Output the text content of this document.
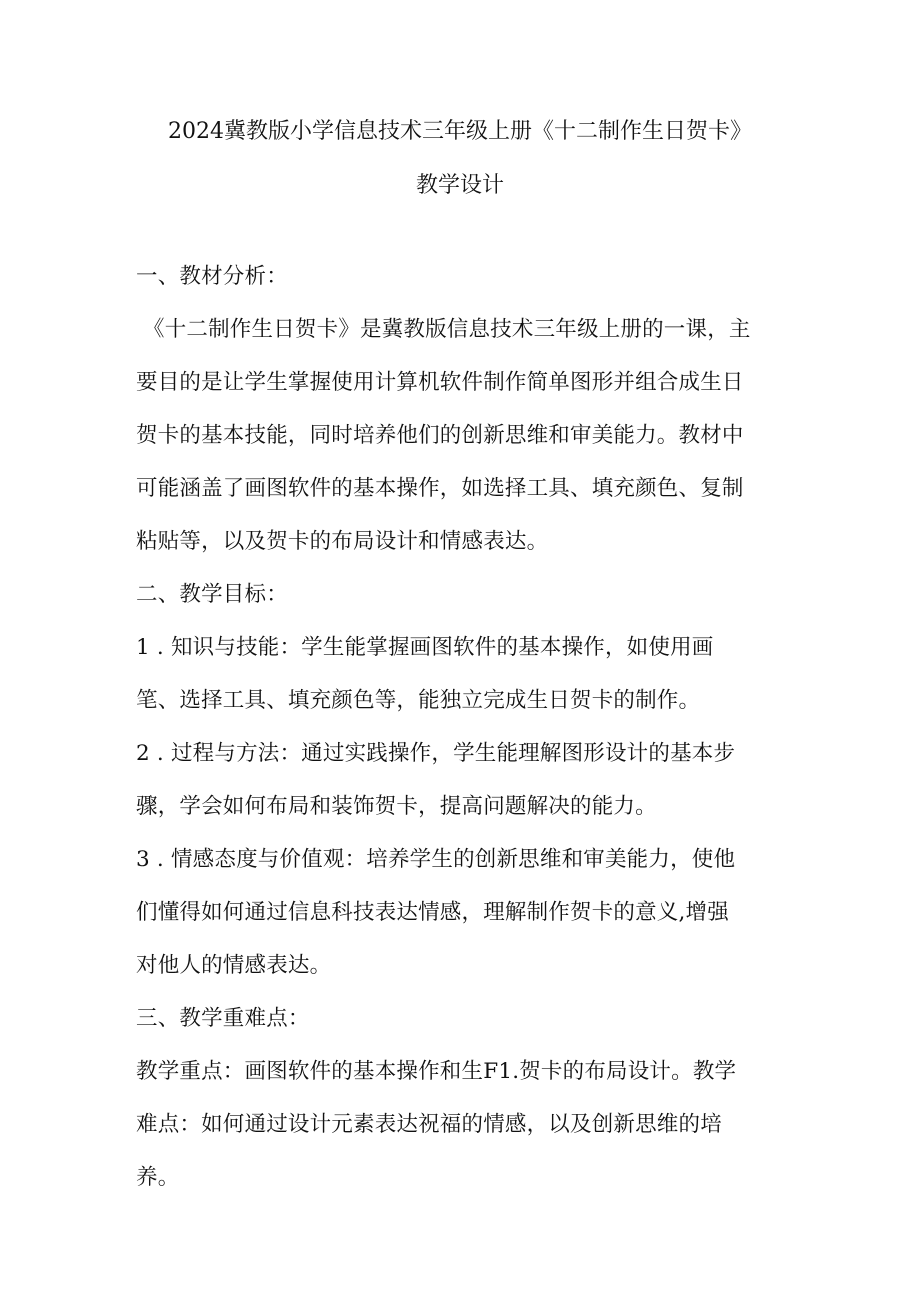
2024冀教版小学信息技术三年级上册《十二制作生日贺卡》
教学设计
一、教材分析：
《十二制作生日贺卡》是冀教版信息技术三年级上册的一课，主
要目的是让学生掌握使用计算机软件制作简单图形并组合成生日
贺卡的基本技能，同时培养他们的创新思维和审美能力。教材中
可能涵盖了画图软件的基本操作，如选择工具、填充颜色、复制
粘贴等，以及贺卡的布局设计和情感表达。
二、教学目标：
1 . 知识与技能：学生能掌握画图软件的基本操作，如使用画
笔、选择工具、填充颜色等，能独立完成生日贺卡的制作。
2 . 过程与方法：通过实践操作，学生能理解图形设计的基本步
骤，学会如何布局和装饰贺卡，提高问题解决的能力。
3 . 情感态度与价值观：培养学生的创新思维和审美能力，使他
们懂得如何通过信息科技表达情感，理解制作贺卡的意义,增强
对他人的情感表达。
三、教学重难点：
教学重点：画图软件的基本操作和生F1.贺卡的布局设计。教学
难点：如何通过设计元素表达祝福的情感，以及创新思维的培
养。
